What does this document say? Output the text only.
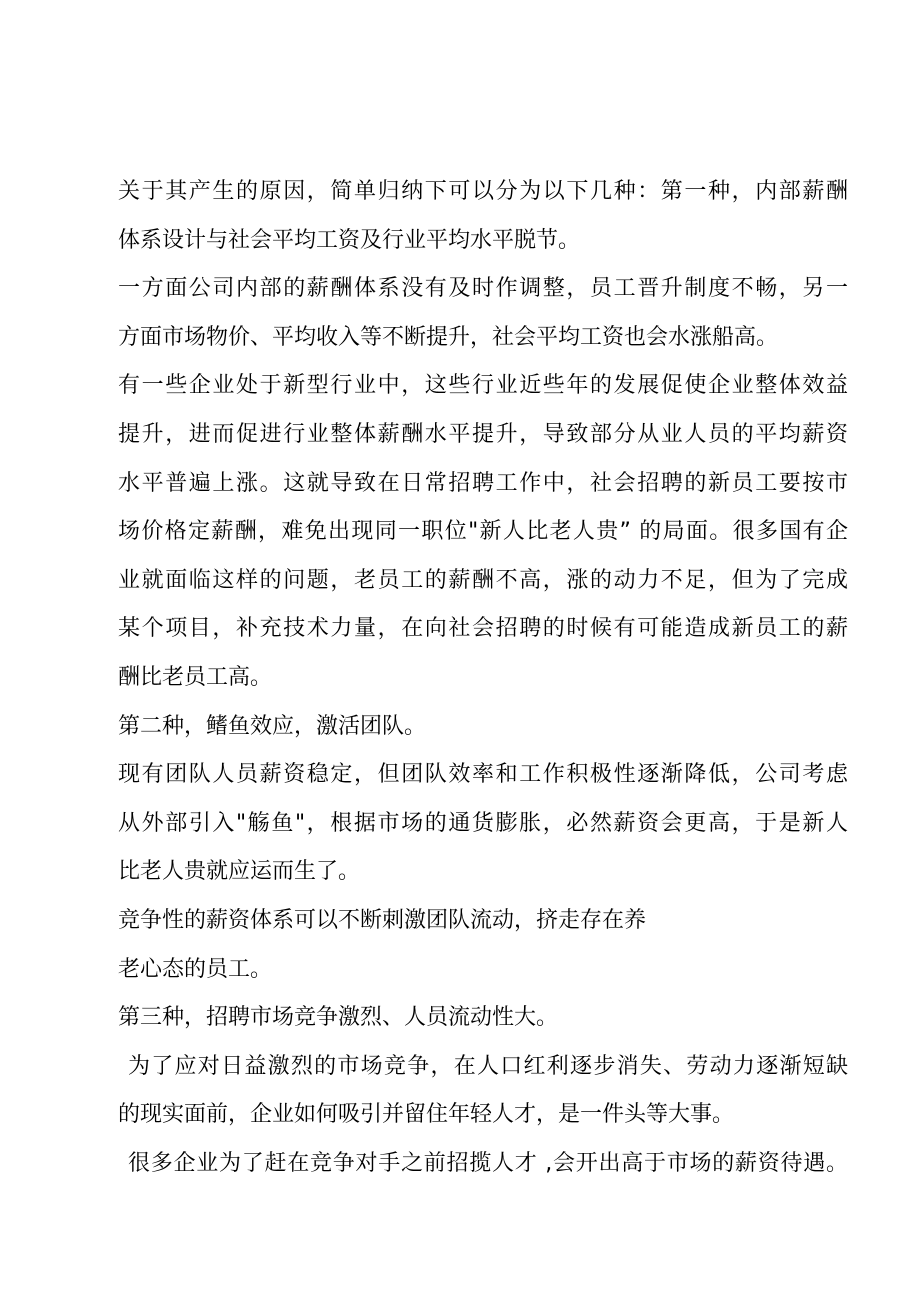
关于其产生的原因，简单归纳下可以分为以下几种：第一种，内部薪酬

体系设计与社会平均工资及行业平均水平脱节。

一方面公司内部的薪酬体系没有及时作调整，员工晋升制度不畅，另一

方面市场物价、平均收入等不断提升，社会平均工资也会水涨船高。

有一些企业处于新型行业中，这些行业近些年的发展促使企业整体效益

提升，进而促进行业整体薪酬水平提升，导致部分从业人员的平均薪资

水平普遍上涨。这就导致在日常招聘工作中，社会招聘的新员工要按市

场价格定薪酬，难免出现同一职位"新人比老人贵” 的局面。很多国有企

业就面临这样的问题，老员工的薪酬不高，涨的动力不足，但为了完成

某个项目，补充技术力量，在向社会招聘的时候有可能造成新员工的薪

酬比老员工高。

第二种，鳍鱼效应，激活团队。

现有团队人员薪资稳定，但团队效率和工作积极性逐渐降低，公司考虑

从外部引入"觞鱼"，根据市场的通货膨胀，必然薪资会更高，于是新人

比老人贵就应运而生了。

竞争性的薪资体系可以不断刺激团队流动，挤走存在养

老心态的员工。

第三种，招聘市场竞争激烈、人员流动性大。

为了应对日益激烈的市场竞争，在人口红利逐步消失、劳动力逐渐短缺

的现实面前，企业如何吸引并留住年轻人才，是一件头等大事。

很多企业为了赶在竞争对手之前招揽人才 ,会开出高于市场的薪资待遇。
